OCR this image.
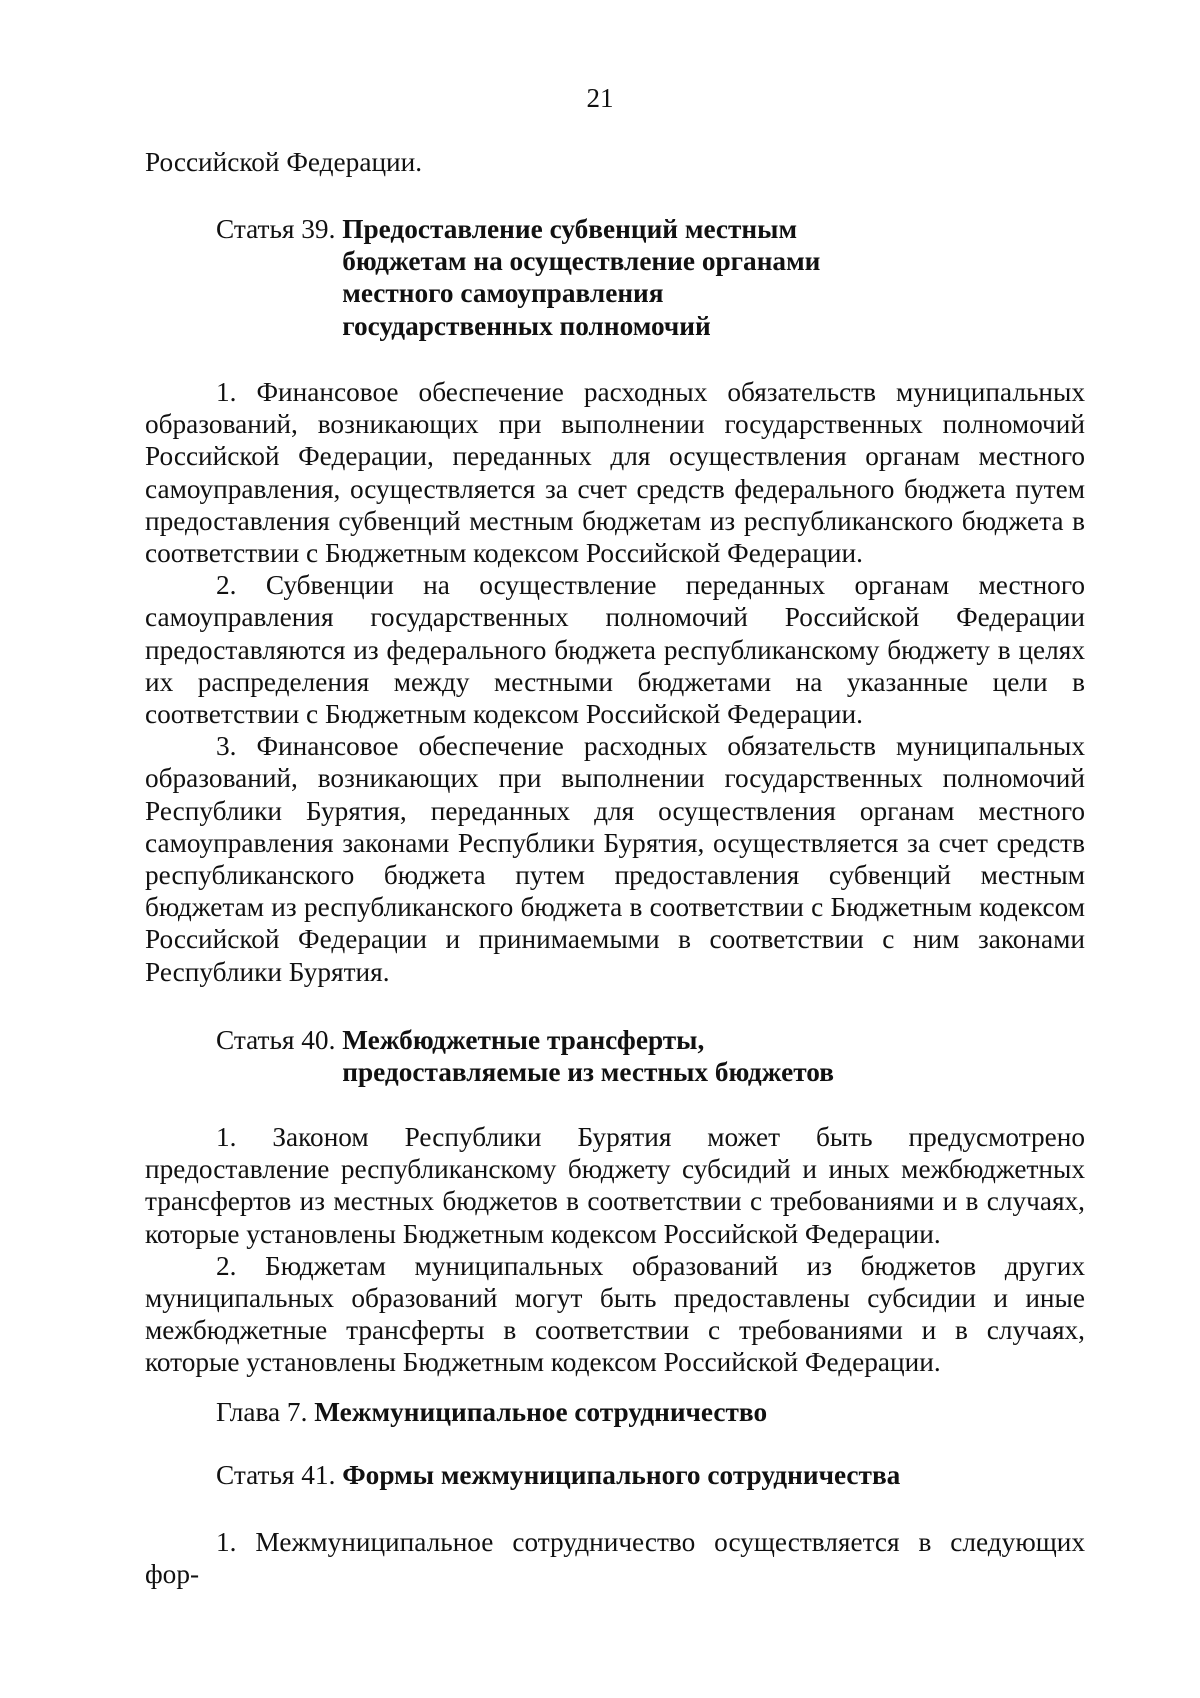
21
Российской Федерации.
Статья 39. Предоставление субвенций местным
бюджетам на осуществление органами
местного самоуправления
государственных полномочий

1. Финансовое обеспечение расходных обязательств муниципальных образований, возникающих при выполнении государственных полномочий Российской Федерации, переданных для осуществления органам местного самоуправления, осуществляется за счет средств федерального бюджета путем предоставления субвенций местным бюджетам из республиканского бюджета в соответствии с Бюджетным кодексом Российской Федерации.

2. Субвенции на осуществление переданных органам местного самоуправления государственных полномочий Российской Федерации предоставляются из федерального бюджета республиканскому бюджету в целях их распределения между местными бюджетами на указанные цели в соответствии с Бюджетным кодексом Российской Федерации.

3. Финансовое обеспечение расходных обязательств муниципальных образований, возникающих при выполнении государственных полномочий Республики Бурятия, переданных для осуществления органам местного самоуправления законами Республики Бурятия, осуществляется за счет средств республиканского бюджета путем предоставления субвенций местным бюджетам из республиканского бюджета в соответствии с Бюджетным кодексом Российской Федерации и принимаемыми в соответствии с ним законами Республики Бурятия.

Статья 40. Межбюджетные трансферты,
предоставляемые из местных бюджетов

1. Законом Республики Бурятия может быть предусмотрено предоставление республиканскому бюджету субсидий и иных межбюджетных трансфертов из местных бюджетов в соответствии с требованиями и в случаях, которые установлены Бюджетным кодексом Российской Федерации.

2. Бюджетам муниципальных образований из бюджетов других муниципальных образований могут быть предоставлены субсидии и иные межбюджетные трансферты в соответствии с требованиями и в случаях, которые установлены Бюджетным кодексом Российской Федерации.

Глава 7. Межмуниципальное сотрудничество
Статья 41. Формы межмуниципального сотрудничества

1. Межмуниципальное сотрудничество осуществляется в следующих фор-
